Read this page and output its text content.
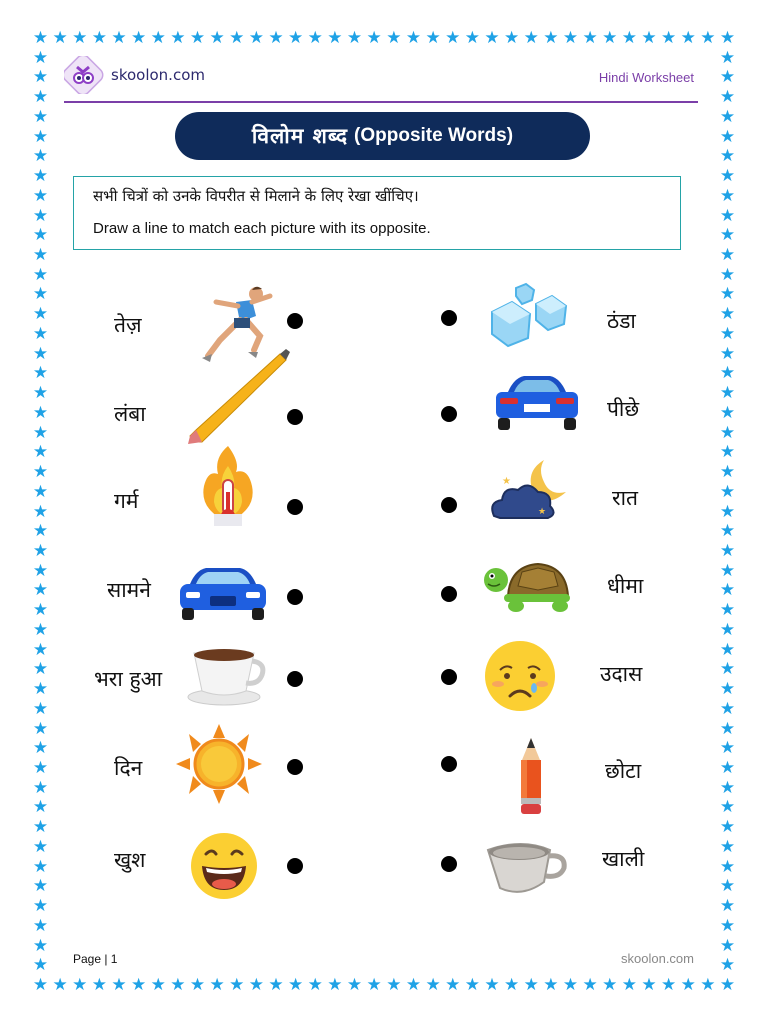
★
★
★
★
★
★
★
★
★
★
★
★
★
★
★
★
★
★
★
★
★
★
★
★
★
★
★
★
★
★
★
★
★
★
★
★
★
★
★
★
★
★
★
★
★
★
★
★
★
★
★
★
★
★
★
★
★
★
★
★
★
★
★
★
★
★
★
★
★
★
★
★
★	★
★	★
★	★
★	★
★	★
★	★
★	★
★	★
★	★
★	★
★	★
★	★
★	★
★	★
★	★
★	★
★	★
★	★
★	★
★	★
★	★
★	★
★	★
★	★
★	★
★	★
★	★
★	★
★	★
★	★
★	★
★	★
★	★
★	★
★	★
★	★
★	★
★	★
★	★
★	★
★	★
★	★
★	★
★	★
★	★
★	★
★	★
skoolon.com	Hindi Worksheet
विलोम शब्द (Opposite Words)
सभी चित्रों को उनके विपरीत से मिलाने के लिए रेखा खींचिए।
Draw a line to match each picture with its opposite.
तेज़
लंबा
गर्म
सामने
भरा हुआ
दिन
खुश
★
★
ठंडा
पीछे
रात
धीमा
उदास
छोटा
खाली
Page | 1	skoolon.com
